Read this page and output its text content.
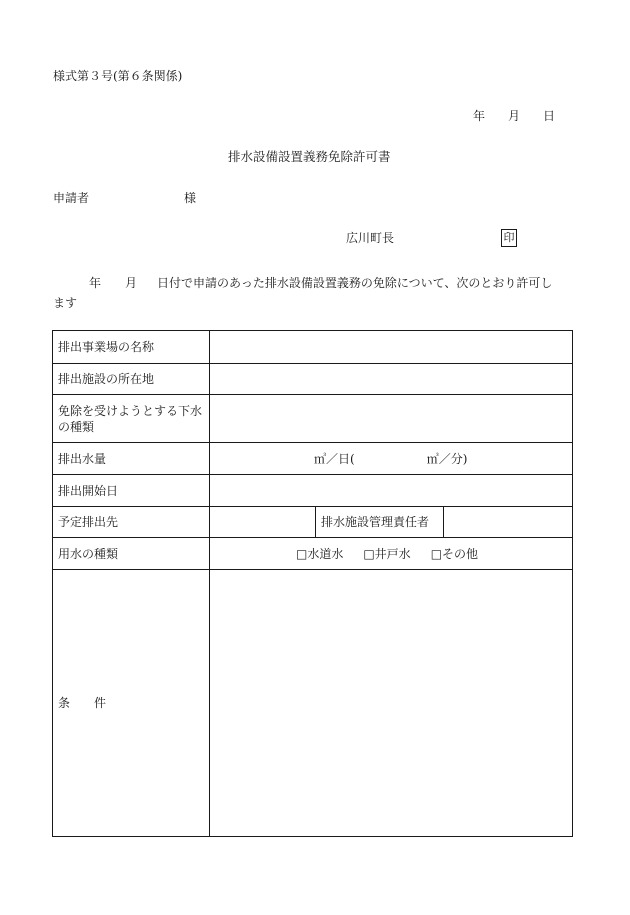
様式第３号(第６条関係)
年 月 日
排水設備設置義務免除許可書
申請者	様
広川町長	印
年 月 日付で申請のあった排水設備設置義務の免除について、次のとおり許可します
排出事業場の名称			
排出施設の所在地			
免除を受けようとする下水の種類			
排出水量	㎥／日( ㎥／分)		
排出開始日			
予定排出先		排水施設管理責任者	
用水の種類	□水道水 □井戸水 □その他		
条 件			
